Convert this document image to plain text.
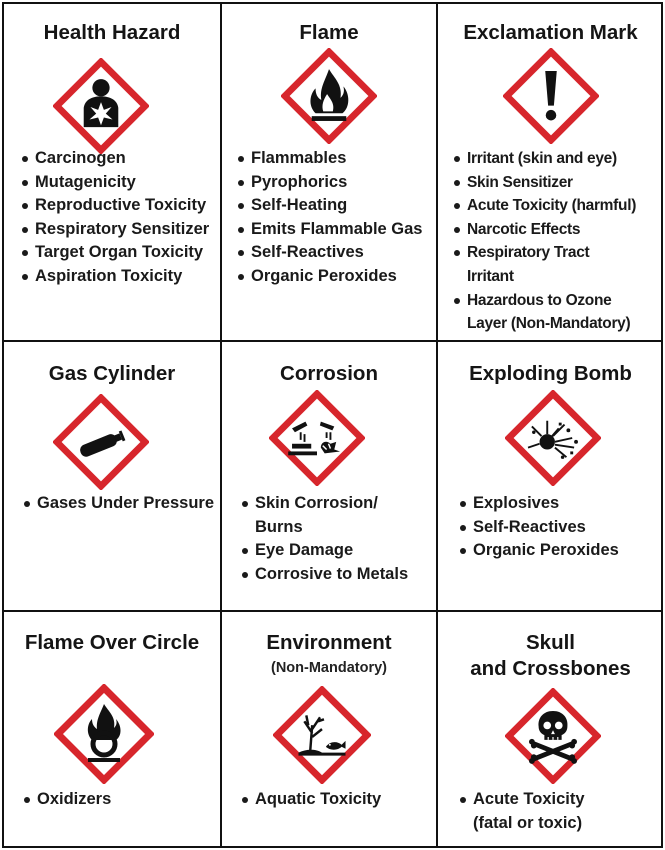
Health Hazard
Carcinogen
Mutagenicity
Reproductive Toxicity
Respiratory Sensitizer
Target Organ Toxicity
Aspiration Toxicity
Flame
Flammables
Pyrophorics
Self-Heating
Emits Flammable Gas
Self-Reactives
Organic Peroxides
Exclamation Mark
Irritant (skin and eye)
Skin Sensitizer
Acute Toxicity (harmful)
Narcotic Effects
Respiratory Tract Irritant
Hazardous to Ozone Layer (Non-Mandatory)
Gas Cylinder
Gases Under Pressure
Corrosion
Skin Corrosion/ Burns
Eye Damage
Corrosive to Metals
Exploding Bomb
Explosives
Self-Reactives
Organic Peroxides
Flame Over Circle
Oxidizers
Environment
(Non-Mandatory)
Aquatic Toxicity
Skull
and Crossbones
Acute Toxicity (fatal or toxic)
